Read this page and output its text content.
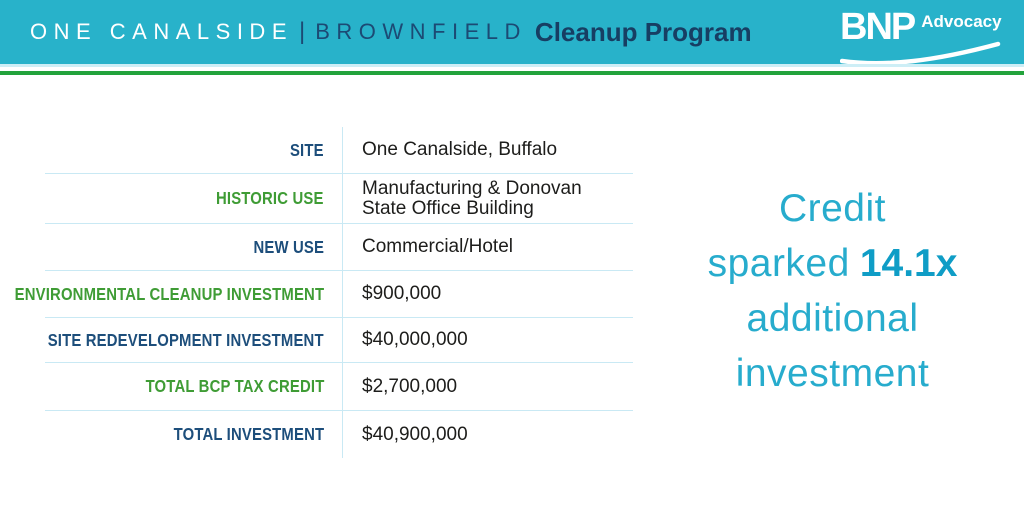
ONE CANALSIDE | BROWNFIELD Cleanup Program BNP Advocacy
SITE One Canalside, Buffalo
HISTORIC USE Manufacturing & Donovan State Office Building
NEW USE Commercial/Hotel
ENVIRONMENTAL CLEANUP INVESTMENT $900,000
SITE REDEVELOPMENT INVESTMENT $40,000,000
TOTAL BCP TAX CREDIT $2,700,000
TOTAL INVESTMENT $40,900,000
Credit
sparked 14.1x
additional
investment
